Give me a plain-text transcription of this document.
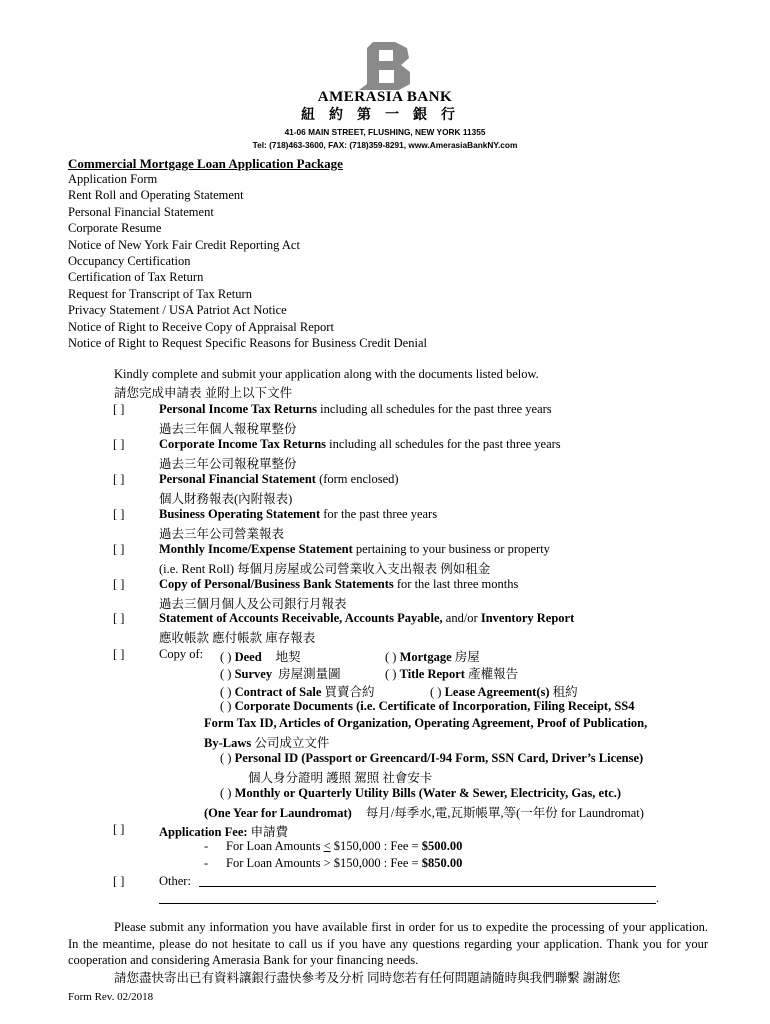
AMERASIA BANK
紐約第一銀行
41-06 MAIN STREET, FLUSHING, NEW YORK 11355
Tel: (718)463-3600, FAX: (718)359-8291, www.AmerasiaBankNY.com
Commercial Mortgage Loan Application Package
Application Form
Rent Roll and Operating Statement
Personal Financial Statement
Corporate Resume
Notice of New York Fair Credit Reporting Act
Occupancy Certification
Certification of Tax Return
Request for Transcript of Tax Return
Privacy Statement / USA Patriot Act Notice
Notice of Right to Receive Copy of Appraisal Report
Notice of Right to Request Specific Reasons for Business Credit Denial
Kindly complete and submit your application along with the documents listed below.
請您完成申請表 並附上以下文件
[ ]	Personal Income Tax Returns including all schedules for the past three years
過去三年個人報稅單整份
[ ]	Corporate Income Tax Returns including all schedules for the past three years
過去三年公司報稅單整份
[ ]	Personal Financial Statement (form enclosed)
個人財務報表(內附報表)
[ ]	Business Operating Statement for the past three years
過去三年公司營業報表
[ ]	Monthly Income/Expense Statement pertaining to your business or property
(i.e. Rent Roll) 每個月房屋或公司營業收入支出報表 例如租金
[ ]	Copy of Personal/Business Bank Statements for the last three months
過去三個月個人及公司銀行月報表
[ ]	Statement of Accounts Receivable, Accounts Payable, and/or Inventory Report
應收帳款 應付帳款 庫存報表
[ ]	Copy of: ( ) Deed 地契	( ) Mortgage 房屋
( ) Survey 房屋測量圖	( ) Title Report 產權報告
( ) Contract of Sale 買賣合約	( ) Lease Agreement(s) 租約
( ) Corporate Documents (i.e. Certificate of Incorporation, Filing Receipt, SS4
Form Tax ID, Articles of Organization, Operating Agreement, Proof of Publication,
By-Laws 公司成立文件
( ) Personal ID (Passport or Greencard/I-94 Form, SSN Card, Driver’s License)
個人身分證明 護照 駕照 社會安卡
( ) Monthly or Quarterly Utility Bills (Water & Sewer, Electricity, Gas, etc.)
(One Year for Laundromat) 每月/每季水,電,瓦斯帳單,等(一年份 for Laundromat)
[ ]	Application Fee: 申請費
- For Loan Amounts < $150,000 : Fee = $500.00
- For Loan Amounts > $150,000 : Fee = $850.00
[ ]	Other:
.
Please submit any information you have available first in order for us to expedite the processing of your application. In the meantime, please do not hesitate to call us if you have any questions regarding your application. Thank you for your cooperation and considering Amerasia Bank for your financing needs.
請您盡快寄出已有資料讓銀行盡快參考及分析 同時您若有任何問題請隨時與我們聯繫 謝謝您
Form Rev. 02/2018
